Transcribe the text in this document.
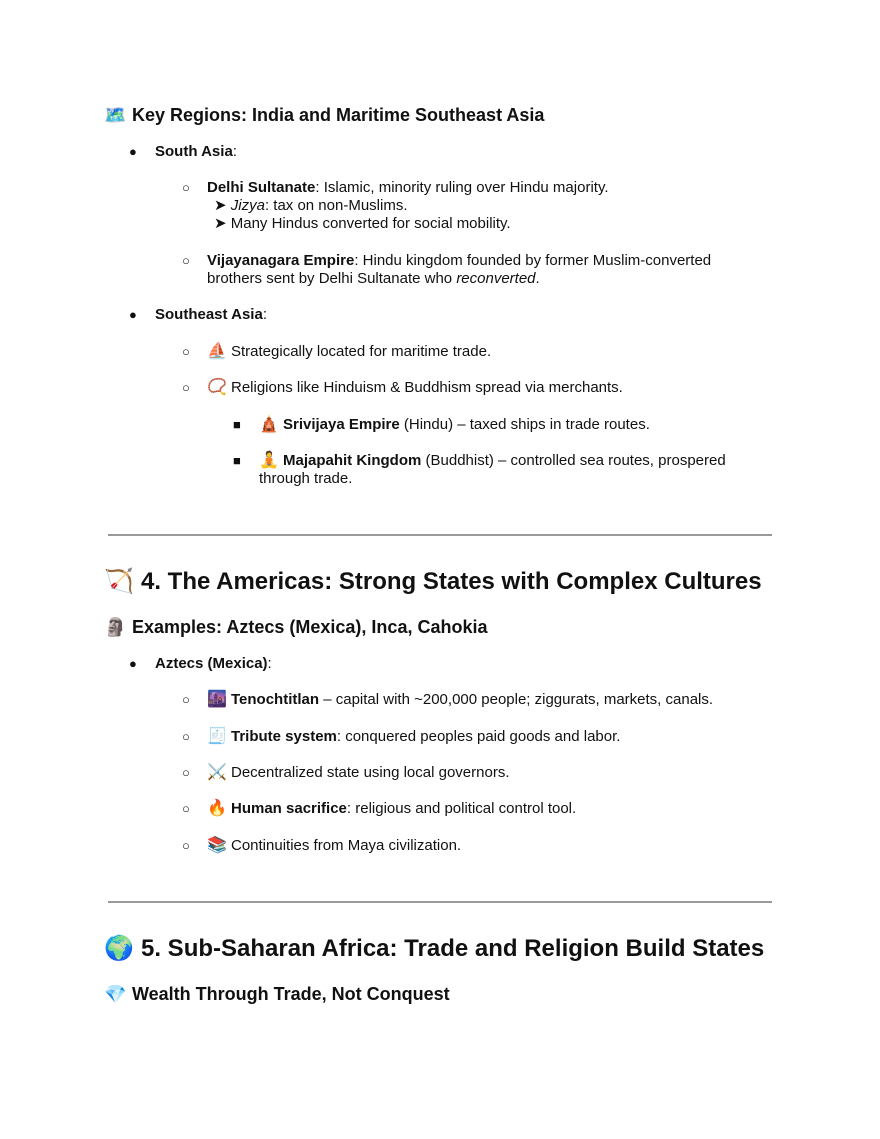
🗺️ Key Regions: India and Maritime Southeast Asia
● South Asia:
○ Delhi Sultanate: Islamic, minority ruling over Hindu majority.
➤ Jizya: tax on non-Muslims.
➤ Many Hindus converted for social mobility.
○ Vijayanagara Empire: Hindu kingdom founded by former Muslim-converted
brothers sent by Delhi Sultanate who reconverted.
● Southeast Asia:
○ ⛵ Strategically located for maritime trade.
○ 📿 Religions like Hinduism & Buddhism spread via merchants.
■ 🛕 Srivijaya Empire (Hindu) – taxed ships in trade routes.
■ 🧘 Majapahit Kingdom (Buddhist) – controlled sea routes, prospered
through trade.
🏹 4. The Americas: Strong States with Complex Cultures
🗿 Examples: Aztecs (Mexica), Inca, Cahokia
● Aztecs (Mexica):
○ 🌆 Tenochtitlan – capital with ~200,000 people; ziggurats, markets, canals.
○ 🧾 Tribute system: conquered peoples paid goods and labor.
○ ⚔️ Decentralized state using local governors.
○ 🔥 Human sacrifice: religious and political control tool.
○ 📚 Continuities from Maya civilization.
🌍 5. Sub-Saharan Africa: Trade and Religion Build States
💎 Wealth Through Trade, Not Conquest
